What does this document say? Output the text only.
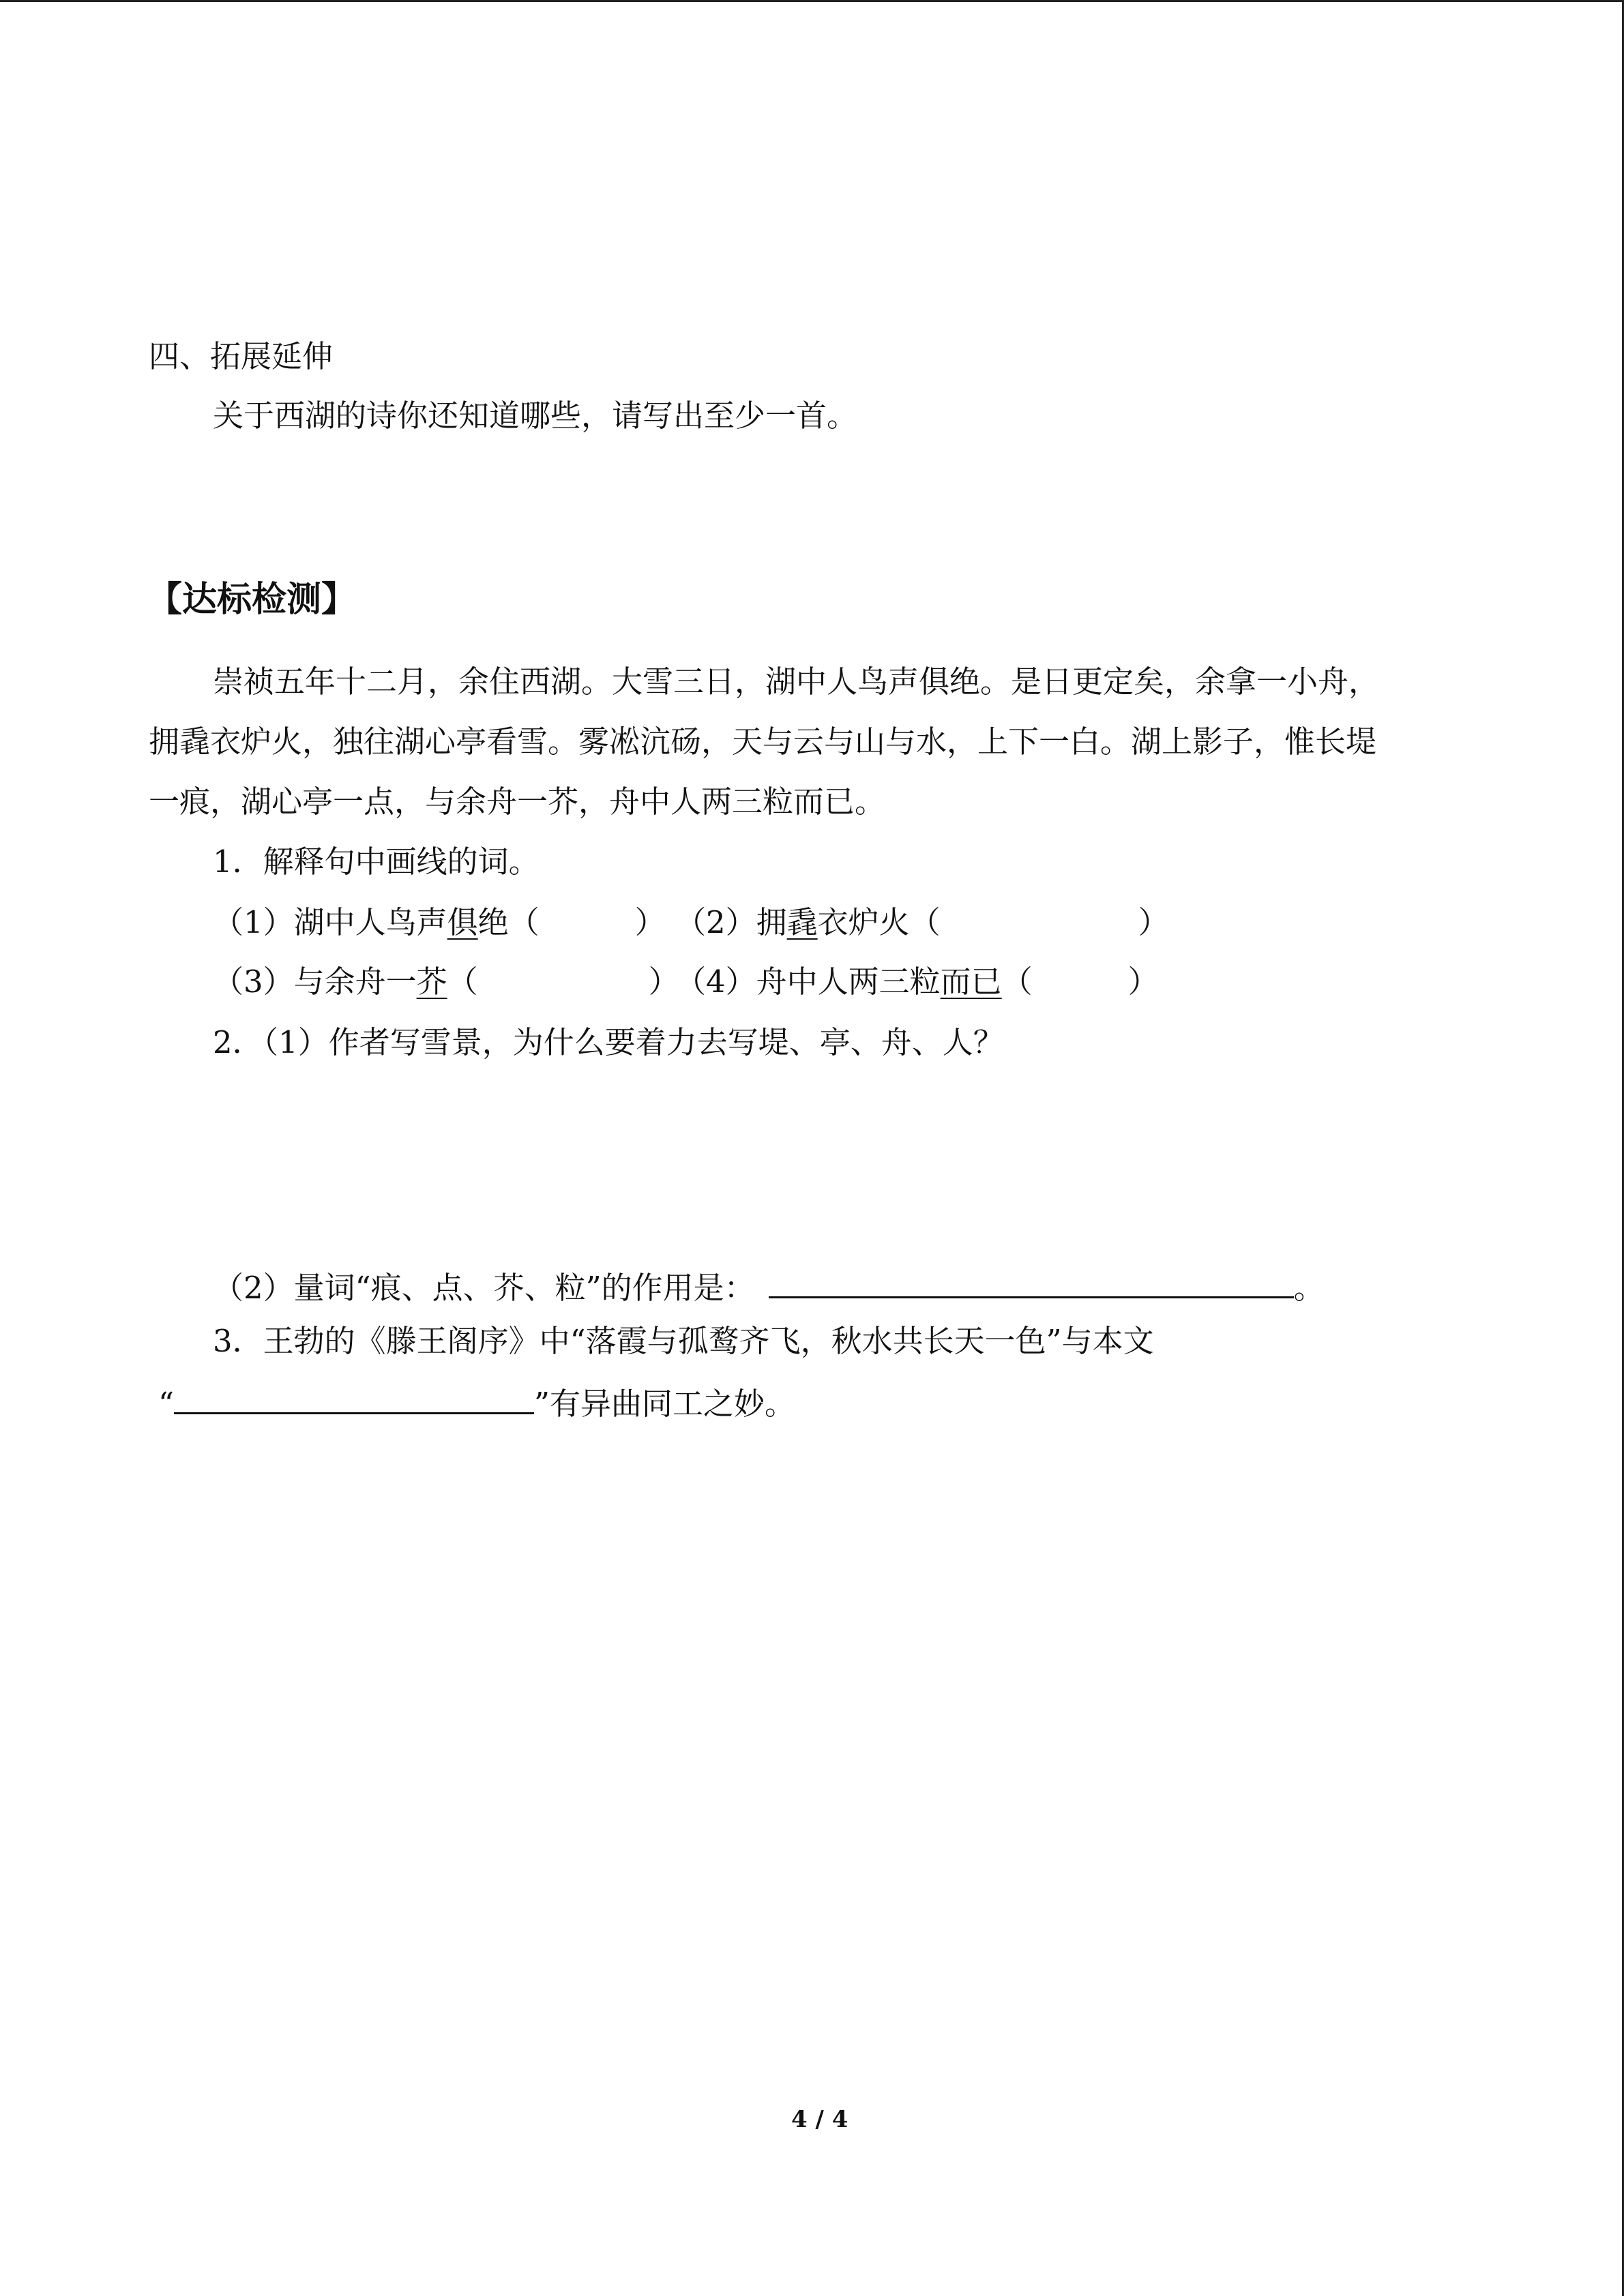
四、拓展延伸
关于西湖的诗你还知道哪些，请写出至少一首。
【达标检测】
崇祯五年十二月，余住西湖。大雪三日，湖中人鸟声俱绝。是日更定矣，余拿一小舟，
拥毳衣炉火，独往湖心亭看雪。雾凇沆砀，天与云与山与水，上下一白。湖上影子，惟长堤
一痕，湖心亭一点，与余舟一芥，舟中人两三粒而已。
1．解释句中画线的词。
（1）湖中人鸟声俱绝（	） （2）拥毳衣炉火（	）
（3）与余舟一芥（	）
（4）舟中人两三粒而已（	）
2．（1）作者写雪景，为什么要着力去写堤、亭、舟、人？
（2）量词“痕、点、芥、粒”的作用是：	。
3．王勃的《滕王阁序》中“落霞与孤鹜齐飞，秋水共长天一色”与本文
“	”有异曲同工之妙。
4 / 4
